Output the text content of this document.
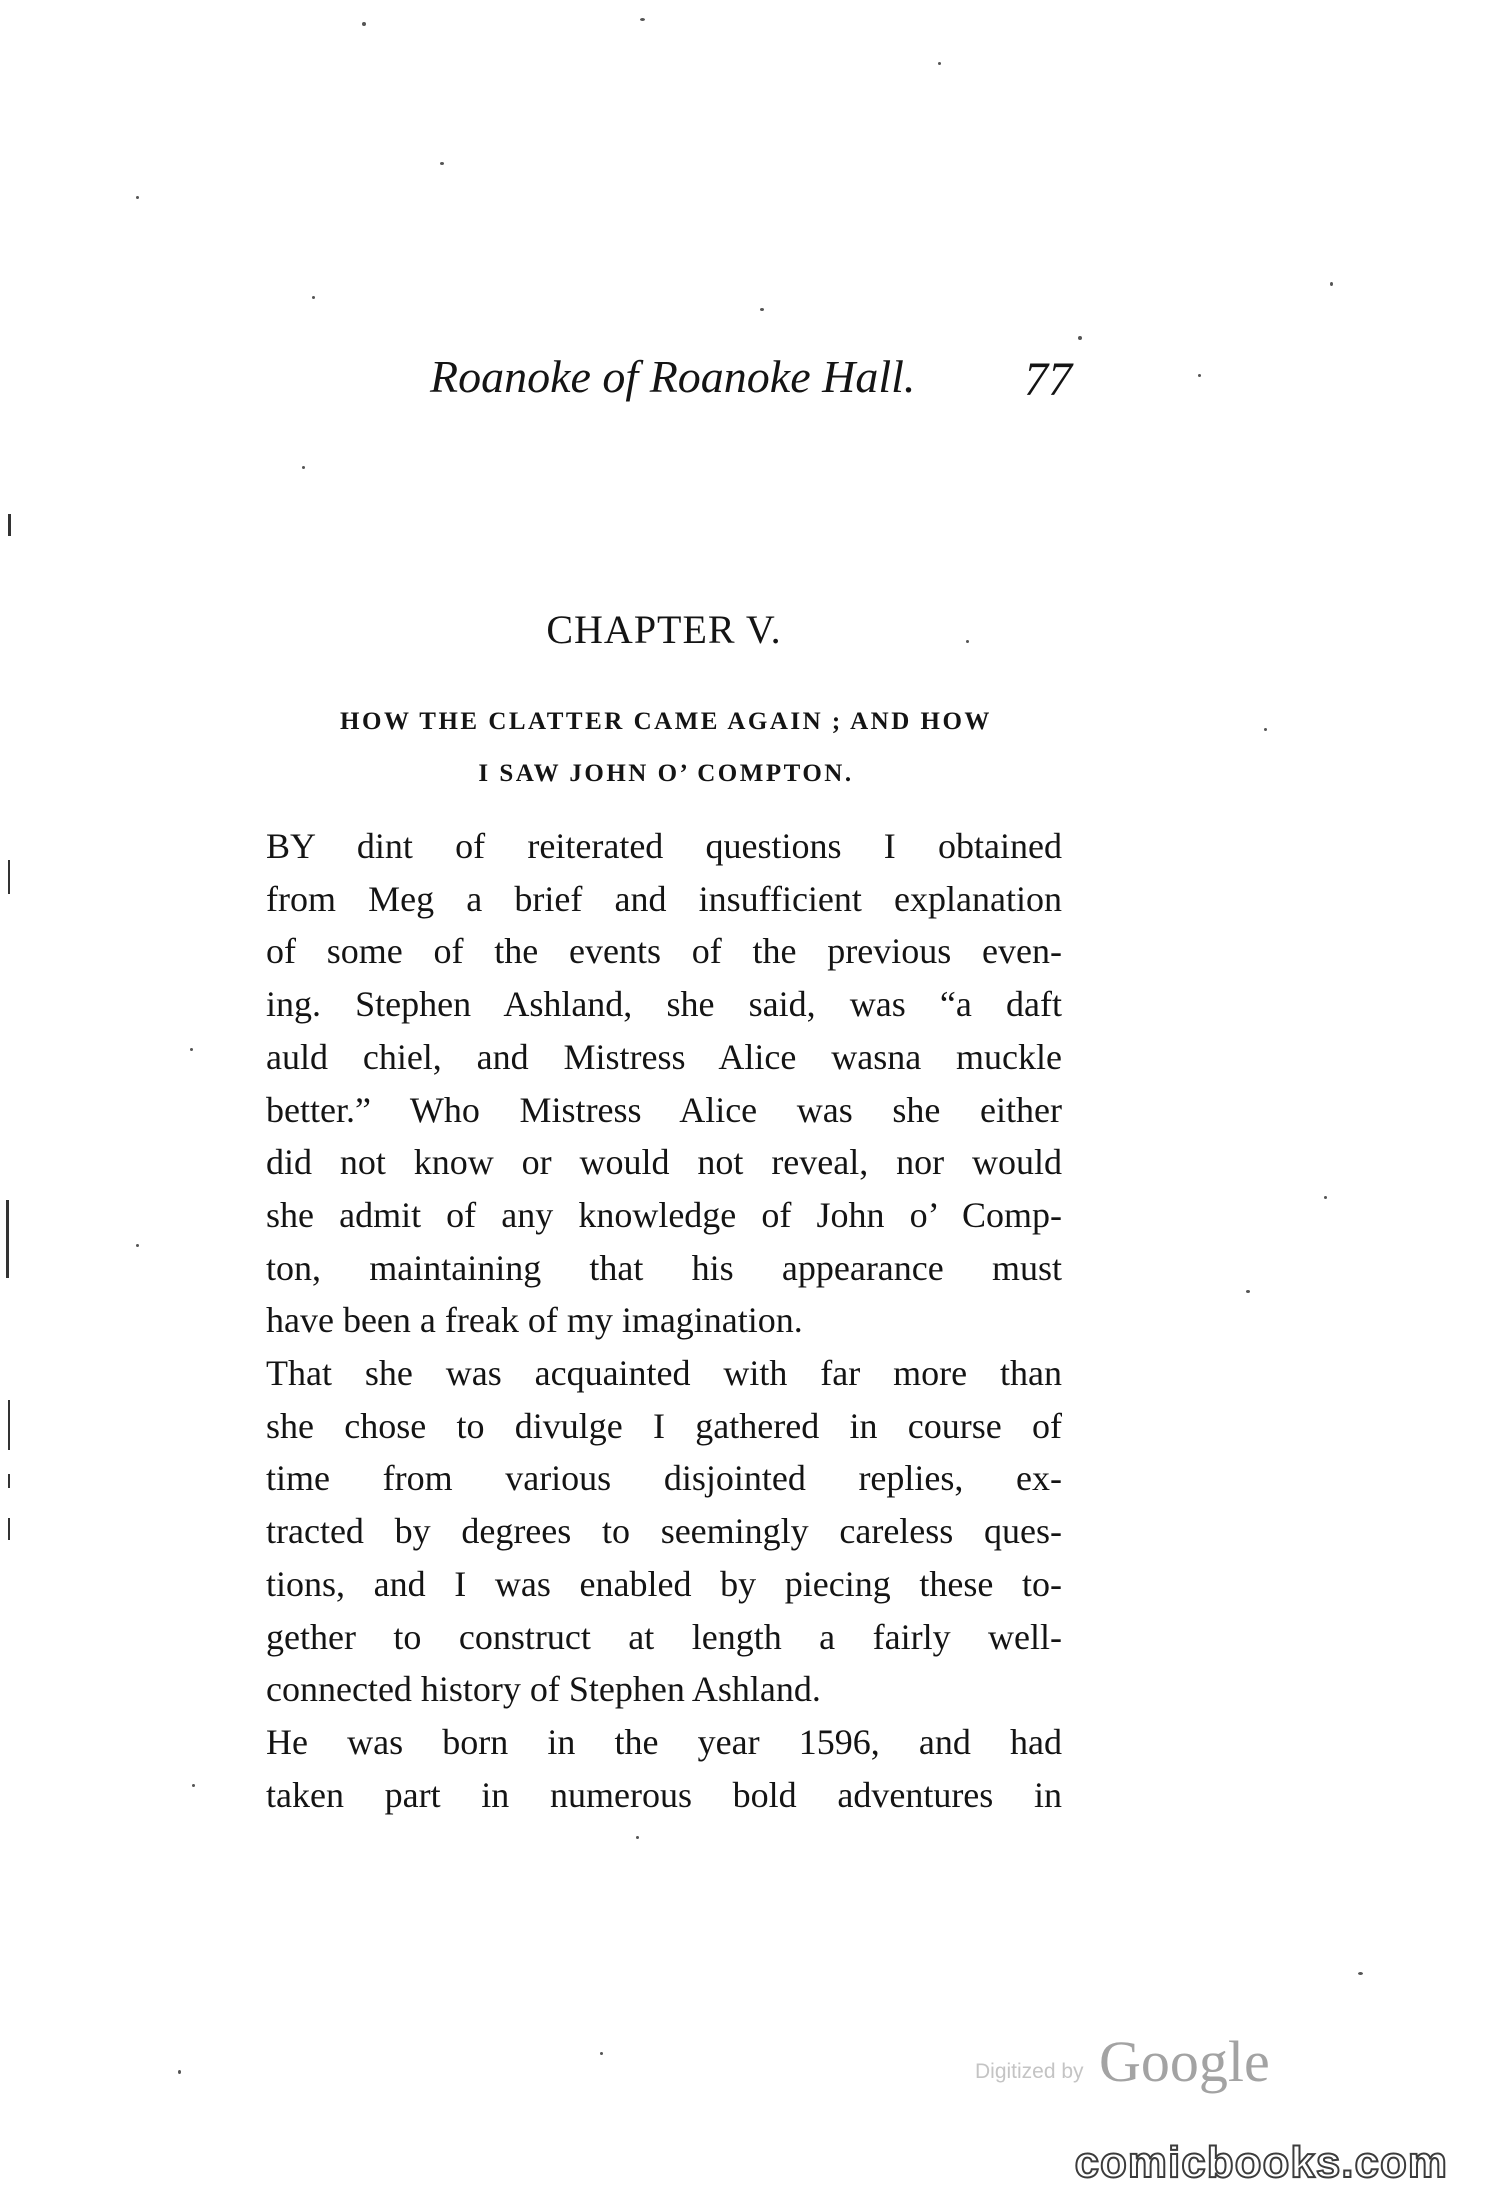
Roanoke of Roanoke Hall. 77
CHAPTER V.
HOW THE CLATTER CAME AGAIN ; AND HOW
I SAW JOHN O’ COMPTON.
BY dint of reiterated questions I obtained
from Meg a brief and insufficient explanation
of some of the events of the previous even-
ing. Stephen Ashland, she said, was “a daft
auld chiel, and Mistress Alice wasna muckle
better.” Who Mistress Alice was she either
did not know or would not reveal, nor would
she admit of any knowledge of John o’ Comp-
ton, maintaining that his appearance must
have been a freak of my imagination.
That she was acquainted with far more than
she chose to divulge I gathered in course of
time from various disjointed replies, ex-
tracted by degrees to seemingly careless ques-
tions, and I was enabled by piecing these to-
gether to construct at length a fairly well-
connected history of Stephen Ashland.
He was born in the year 1596, and had
taken part in numerous bold adventures in
Digitized by Google
comicbooks.com
